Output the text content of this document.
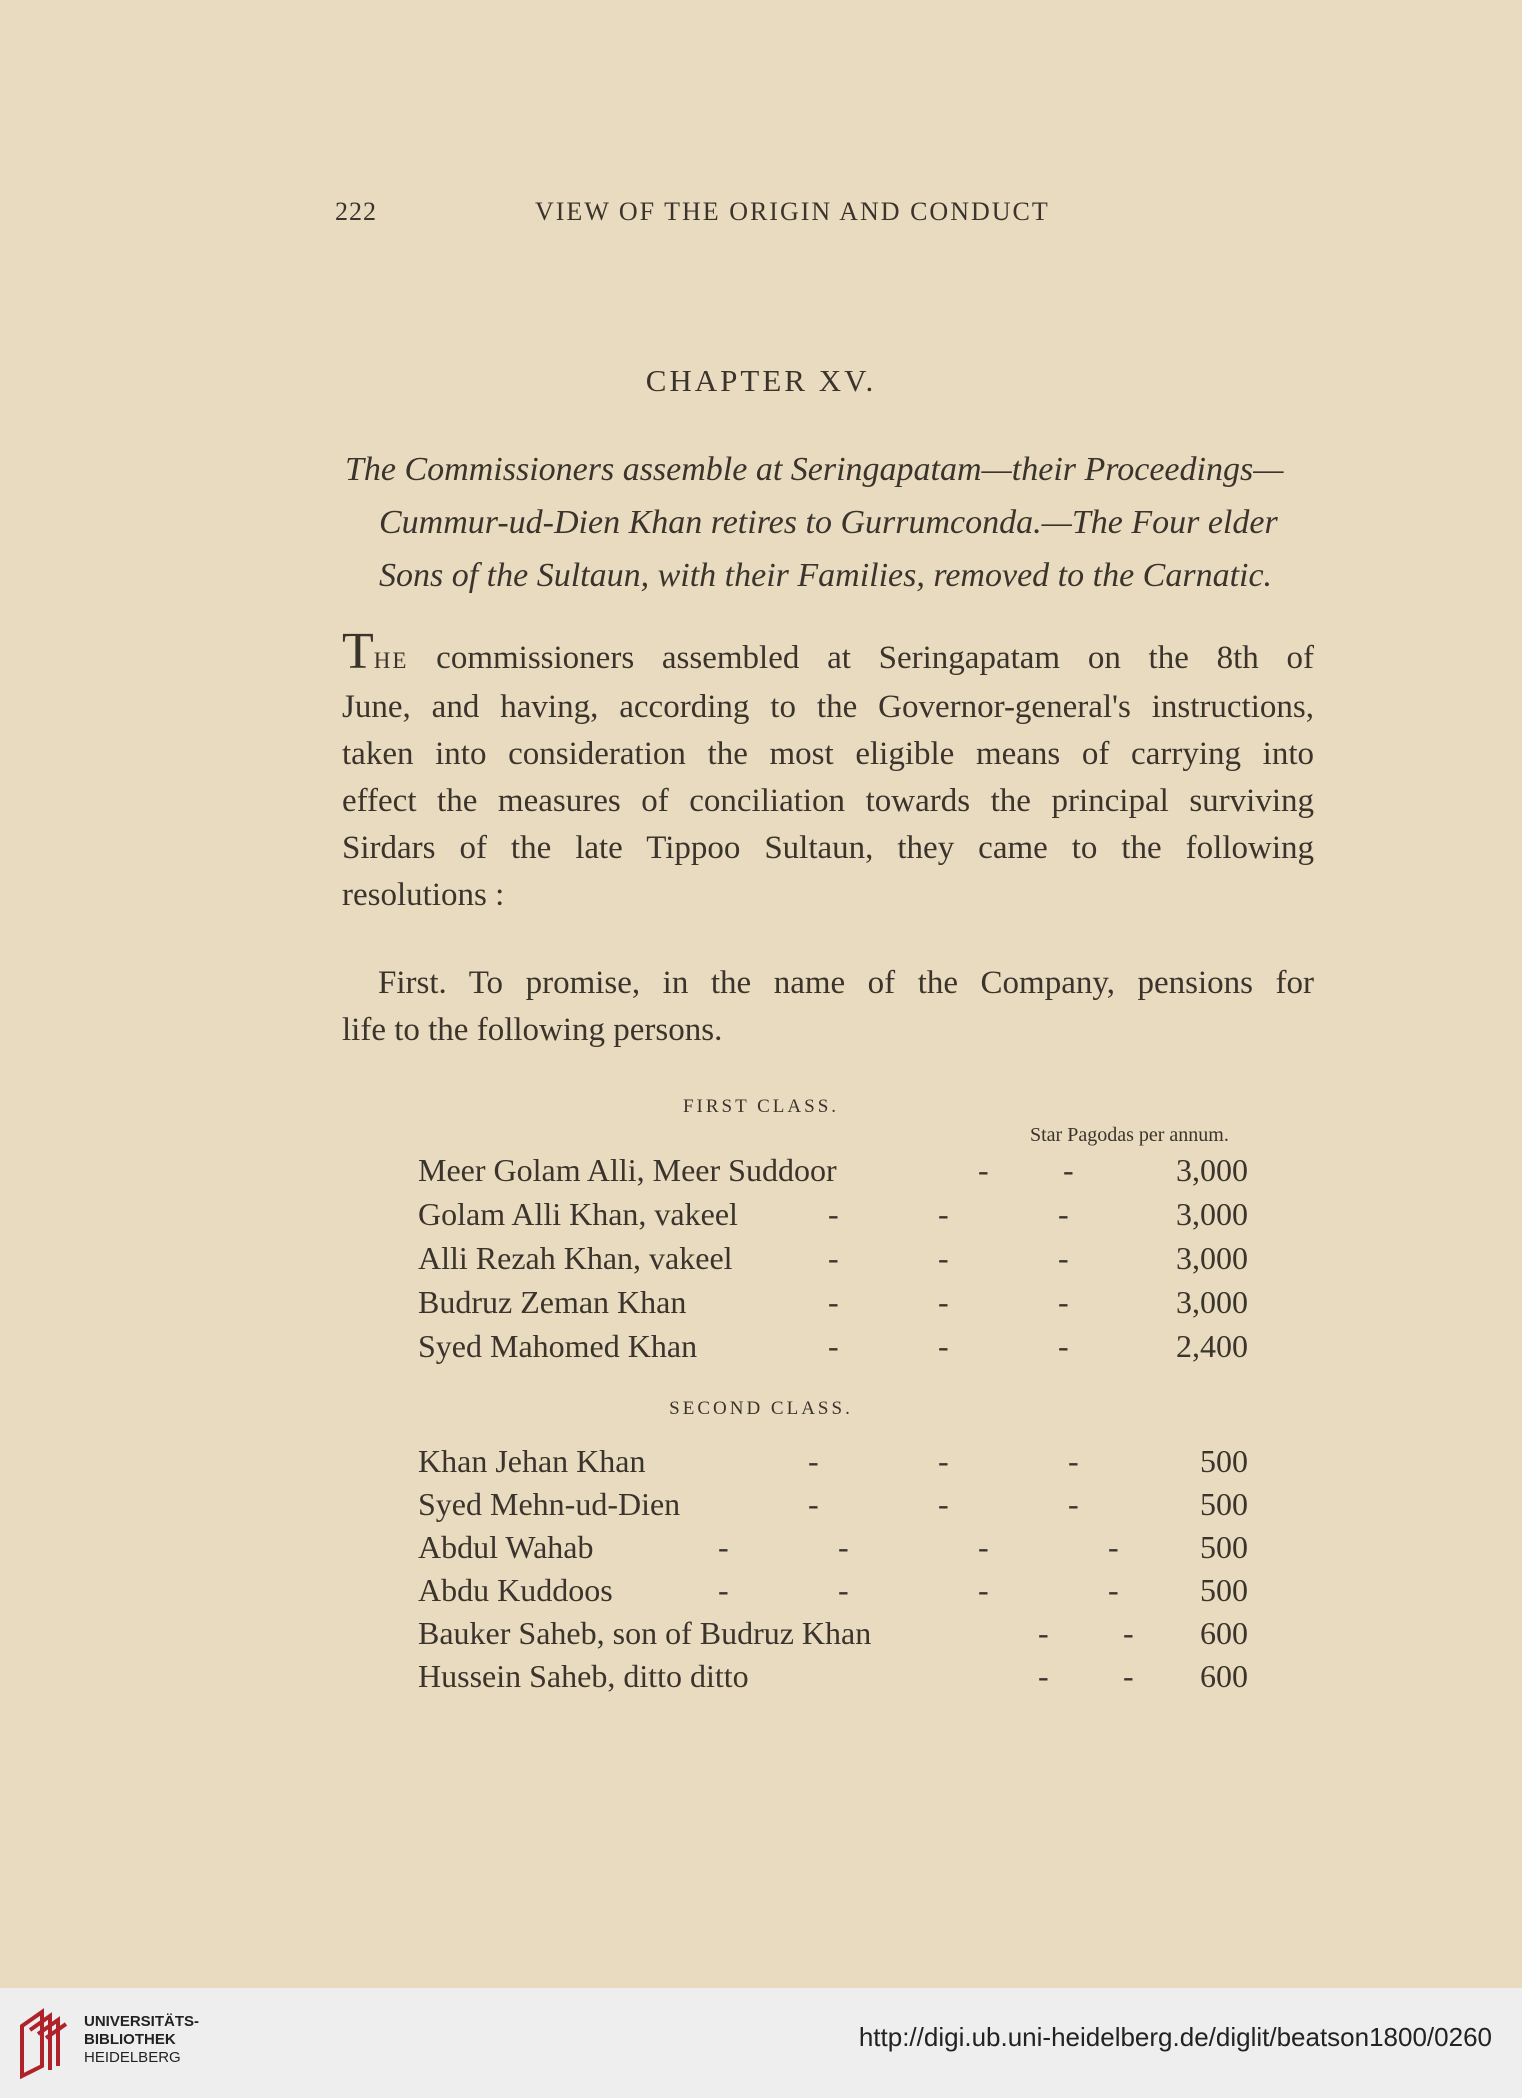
222	VIEW OF THE ORIGIN AND CONDUCT
CHAPTER XV.
The Commissioners assemble at Seringapatam—their Proceedings—
Cummur-ud-Dien Khan retires to Gurrumconda.—The Four elder
Sons of the Sultaun, with their Families, removed to the Carnatic.
THE commissioners assembled at Seringapatam on the 8th of
June, and having, according to the Governor-general's instructions,
taken into consideration the most eligible means of carrying into
effect the measures of conciliation towards the principal surviving
Sirdars of the late Tippoo Sultaun, they came to the following
resolutions :
First. To promise, in the name of the Company, pensions for
life to the following persons.
FIRST CLASS.
Star Pagodas per annum.
Meer Golam Alli, Meer Suddoor	- -	3,000
Golam Alli Khan, vakeel	-	-	-	3,000
Alli Rezah Khan, vakeel	-	-	-	3,000
Budruz Zeman Khan	-	-	-	3,000
Syed Mahomed Khan	-	-	-	2,400
SECOND CLASS.
Khan Jehan Khan	-	-	-	500
Syed Mehn-ud-Dien	-	-	-	500
Abdul Wahab	-	-	-	-	500
Abdu Kuddoos	-	-	-	-	500
Bauker Saheb, son of Budruz Khan	- - 600
Hussein Saheb, ditto ditto	- - 600
UNIVERSITÄTS-
BIBLIOTHEK
HEIDELBERG
http://digi.ub.uni-heidelberg.de/diglit/beatson1800/0260
